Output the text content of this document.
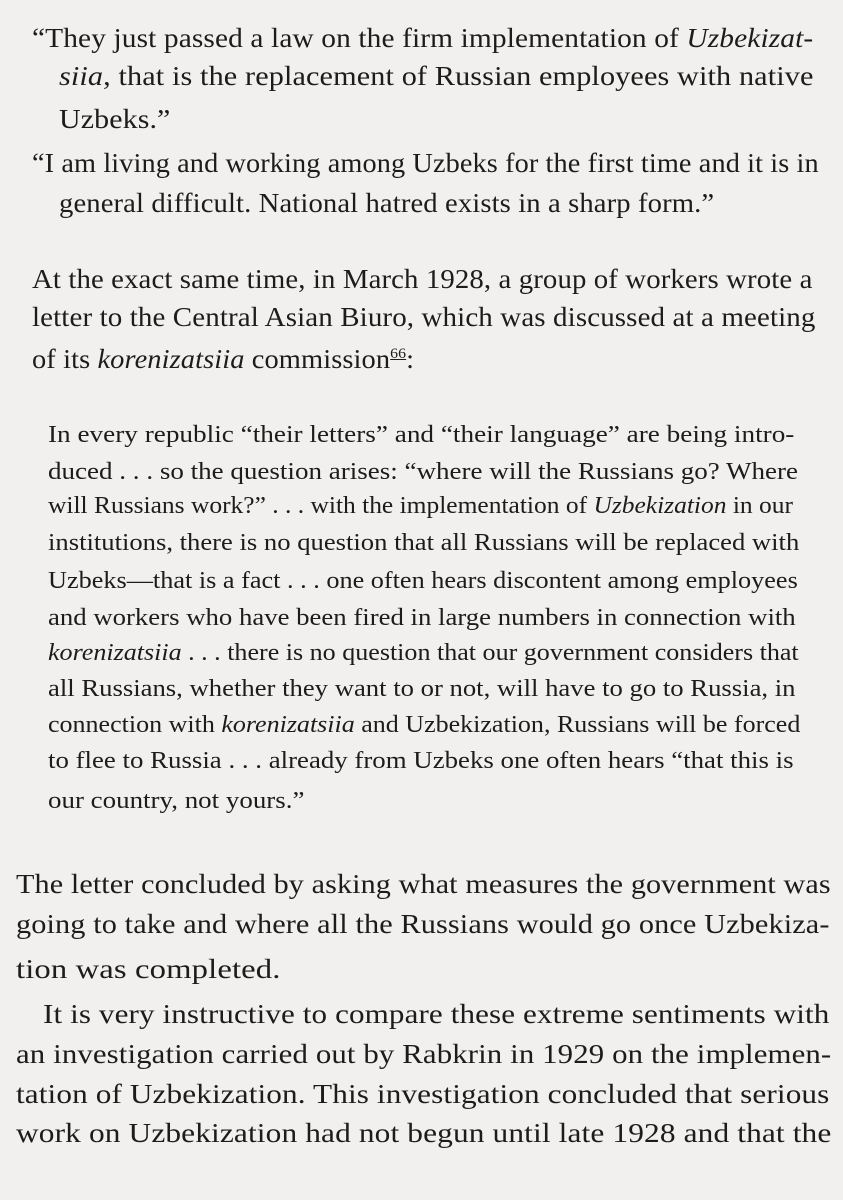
“They just passed a law on the firm implementation of Uzbekizat-

siia, that is the replacement of Russian employees with native

Uzbeks.”

“I am living and working among Uzbeks for the first time and it is in

general difficult. National hatred exists in a sharp form.”

At the exact same time, in March 1928, a group of workers wrote a

letter to the Central Asian Biuro, which was discussed at a meeting

of its korenizatsiia commission$^{66}$:

In every republic “their letters” and “their language” are being intro-

duced . . . so the question arises: “where will the Russians go? Where

will Russians work?” . . . with the implementation of Uzbekization in our

institutions, there is no question that all Russians will be replaced with

Uzbeks—that is a fact . . . one often hears discontent among employees

and workers who have been fired in large numbers in connection with

korenizatsiia . . . there is no question that our government considers that

all Russians, whether they want to or not, will have to go to Russia, in

connection with korenizatsiia and Uzbekization, Russians will be forced

to flee to Russia . . . already from Uzbeks one often hears “that this is

our country, not yours.”

The letter concluded by asking what measures the government was

going to take and where all the Russians would go once Uzbekiza-

tion was completed.

It is very instructive to compare these extreme sentiments with

an investigation carried out by Rabkrin in 1929 on the implemen-

tation of Uzbekization. This investigation concluded that serious

work on Uzbekization had not begun until late 1928 and that the
